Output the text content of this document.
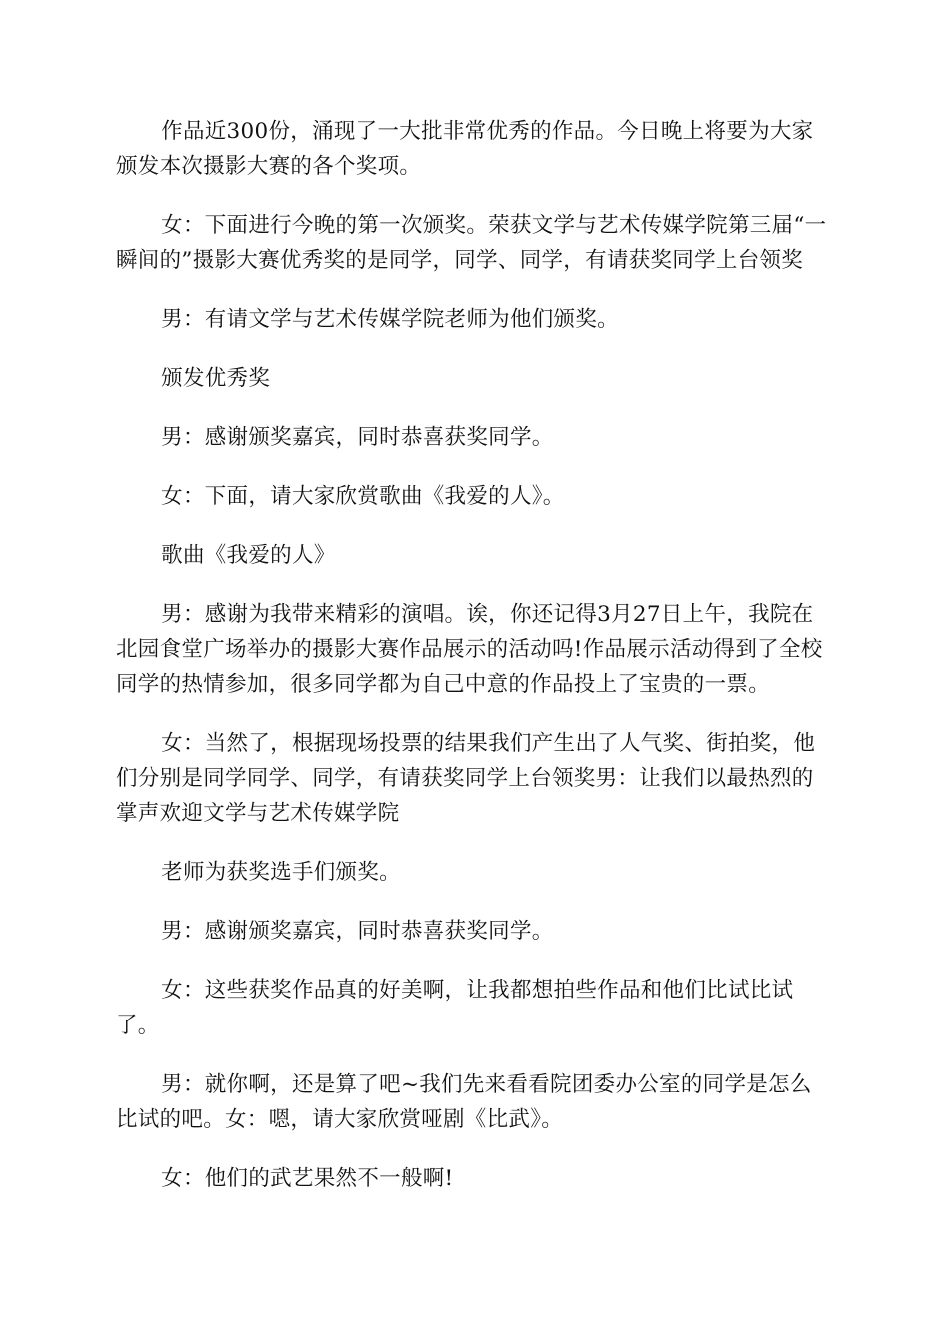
作品近300份，涌现了一大批非常优秀的作品。今日晚上将要为大家颁发本次摄影大赛的各个奖项。

女：下面进行今晚的第一次颁奖。荣获文学与艺术传媒学院第三届“一瞬间的”摄影大赛优秀奖的是同学，同学、同学，有请获奖同学上台领奖

男：有请文学与艺术传媒学院老师为他们颁奖。

颁发优秀奖

男：感谢颁奖嘉宾，同时恭喜获奖同学。

女：下面，请大家欣赏歌曲《我爱的人》。

歌曲《我爱的人》

男：感谢为我带来精彩的演唱。诶，你还记得3月27日上午，我院在北园食堂广场举办的摄影大赛作品展示的活动吗!作品展示活动得到了全校同学的热情参加，很多同学都为自己中意的作品投上了宝贵的一票。

女：当然了，根据现场投票的结果我们产生出了人气奖、街拍奖，他们分别是同学同学、同学，有请获奖同学上台领奖男：让我们以最热烈的掌声欢迎文学与艺术传媒学院

老师为获奖选手们颁奖。

男：感谢颁奖嘉宾，同时恭喜获奖同学。

女：这些获奖作品真的好美啊，让我都想拍些作品和他们比试比试了。

男：就你啊，还是算了吧~我们先来看看院团委办公室的同学是怎么比试的吧。女：嗯，请大家欣赏哑剧《比武》。

女：他们的武艺果然不一般啊!
